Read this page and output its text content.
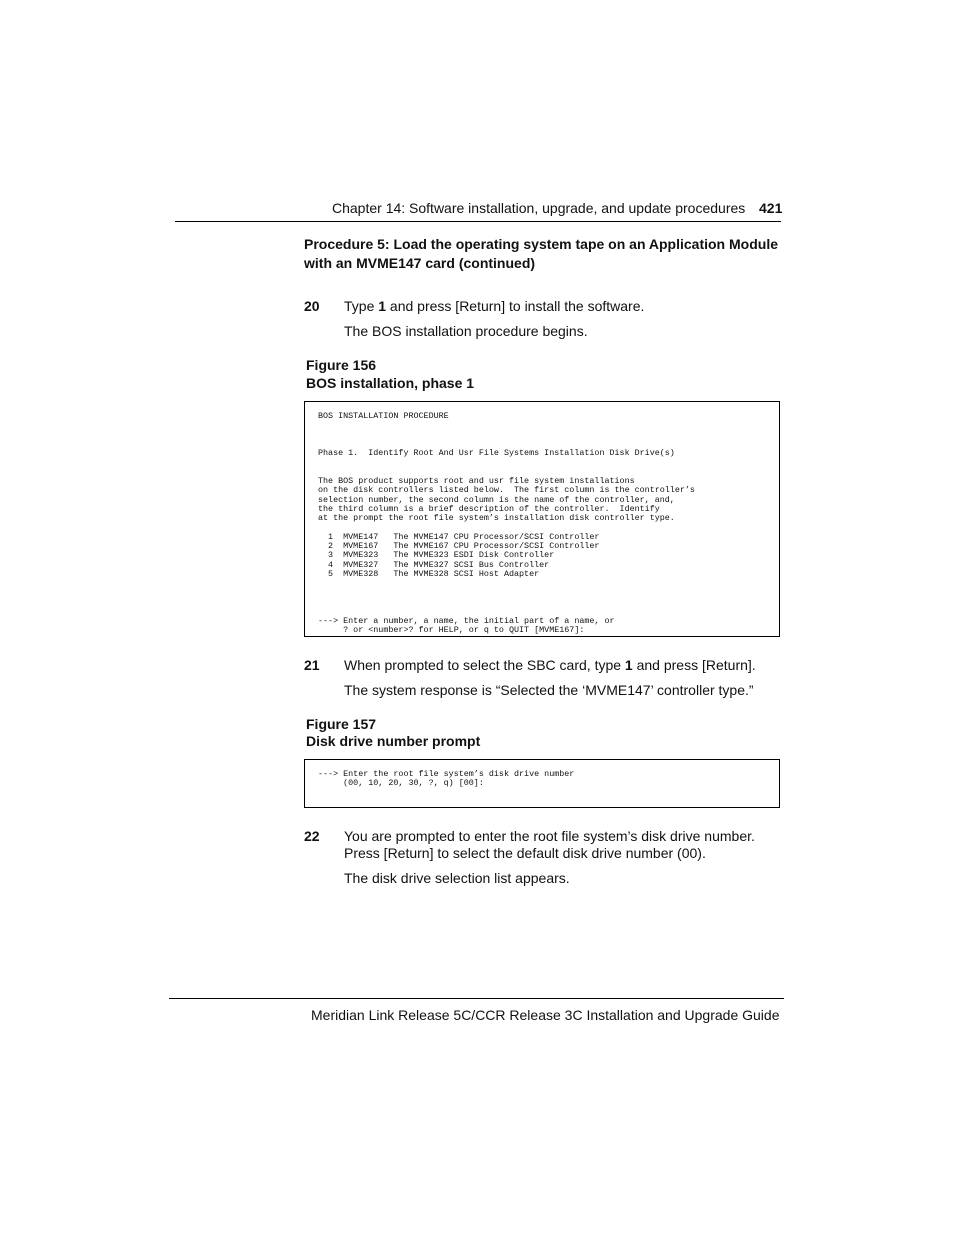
Chapter 14: Software installation, upgrade, and update procedures 421
Procedure 5: Load the operating system tape on an Application Module with an MVME147 card (continued)
20 Type 1 and press [Return] to install the software.
The BOS installation procedure begins.
Figure 156
BOS installation, phase 1
BOS INSTALLATION PROCEDURE

Phase 1.  Identify Root And Usr File Systems Installation Disk Drive(s)

The BOS product supports root and usr file system installations
on the disk controllers listed below.  The first column is the controller’s
selection number, the second column is the name of the controller, and,
the third column is a brief description of the controller.  Identify
at the prompt the root file system’s installation disk controller type.

1  MVME147   The MVME147 CPU Processor/SCSI Controller
2  MVME167   The MVME167 CPU Processor/SCSI Controller
3  MVME323   The MVME323 ESDI Disk Controller
4  MVME327   The MVME327 SCSI Bus Controller
5  MVME328   The MVME328 SCSI Host Adapter

---> Enter a number, a name, the initial part of a name, or
? or <number>? for HELP, or q to QUIT [MVME167]:
21 When prompted to select the SBC card, type 1 and press [Return].
The system response is “Selected the ‘MVME147’ controller type.”
Figure 157
Disk drive number prompt
---> Enter the root file system’s disk drive number
(00, 10, 20, 30, ?, q) [00]:
22 You are prompted to enter the root file system’s disk drive number.
Press [Return] to select the default disk drive number (00).
The disk drive selection list appears.
Meridian Link Release 5C/CCR Release 3C Installation and Upgrade Guide
